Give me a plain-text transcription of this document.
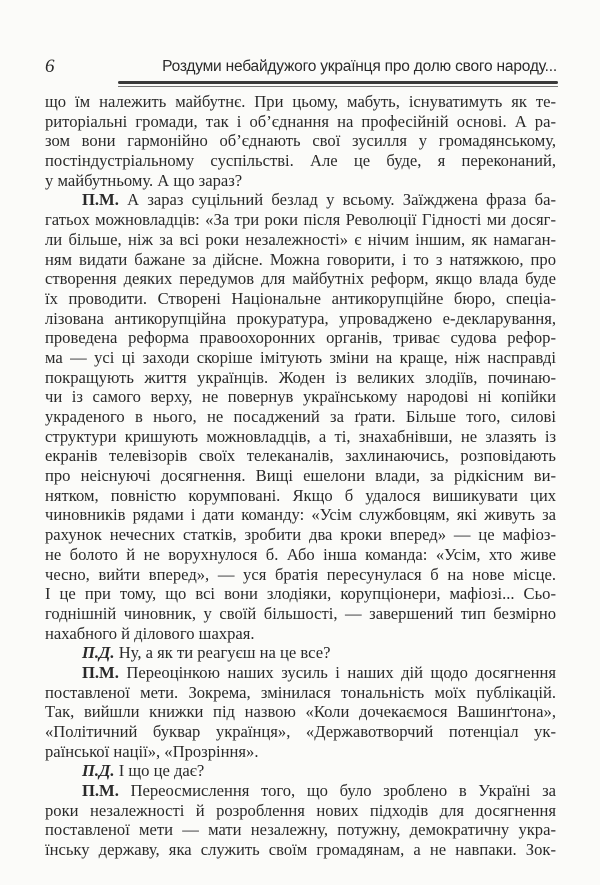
6	Роздуми небайдужого українця про долю свого народу...
що їм належить майбутнє. При цьому, мабуть, існуватимуть як те-
риторіальні громади, так і об’єднання на професійній основі. А ра-
зом вони гармонійно об’єднають свої зусилля у громадянському,
постіндустріальному суспільстві. Але це буде, я переконаний,
у майбутньому. А що зараз?
П.М. А зараз суцільний безлад у всьому. Заїжджена фраза ба-
гатьох можновладців: «За три роки після Революції Гідності ми досяг-
ли більше, ніж за всі роки незалежності» є нічим іншим, як намаган-
ням видати бажане за дійсне. Можна говорити, і то з натяжкою, про
створення деяких передумов для майбутніх реформ, якщо влада буде
їх проводити. Створені Національне антикорупційне бюро, спеціа-
лізована антикорупційна прокуратура, упроваджено е-декларування,
проведена реформа правоохоронних органів, триває судова рефор-
ма — усі ці заходи скоріше імітують зміни на краще, ніж насправді
покращують життя українців. Жоден із великих злодіїв, починаю-
чи із самого верху, не повернув українському народові ні копійки
украденого в нього, не посаджений за ґрати. Більше того, силові
структури кришують можновладців, а ті, знахабнівши, не злазять із
екранів телевізорів своїх телеканалів, захлинаючись, розповідають
про неіснуючі досягнення. Вищі ешелони влади, за рідкісним ви-
нятком, повністю корумповані. Якщо б удалося вишикувати цих
чиновників рядами і дати команду: «Усім службовцям, які живуть за
рахунок нечесних статків, зробити два кроки вперед» — це мафіоз-
не болото й не ворухнулося б. Або інша команда: «Усім, хто живе
чесно, вийти вперед», — уся братія пересунулася б на нове місце.
І це при тому, що всі вони злодіяки, корупціонери, мафіозі... Сьо-
годнішній чиновник, у своїй більшості, — завершений тип безмірно
нахабного й ділового шахрая.
П.Д. Ну, а як ти реагуєш на це все?
П.М. Переоцінкою наших зусиль і наших дій щодо досягнення
поставленої мети. Зокрема, змінилася тональність моїх публікацій.
Так, вийшли книжки під назвою «Коли дочекаємося Вашинґтона»,
«Політичний буквар українця», «Державотворчий потенціал ук-
раїнської нації», «Прозріння».
П.Д. І що це дає?
П.М. Переосмислення того, що було зроблено в Україні за
роки незалежності й розроблення нових підходів для досягнення
поставленої мети — мати незалежну, потужну, демократичну укра-
їнську державу, яка служить своїм громадянам, а не навпаки. Зок-
